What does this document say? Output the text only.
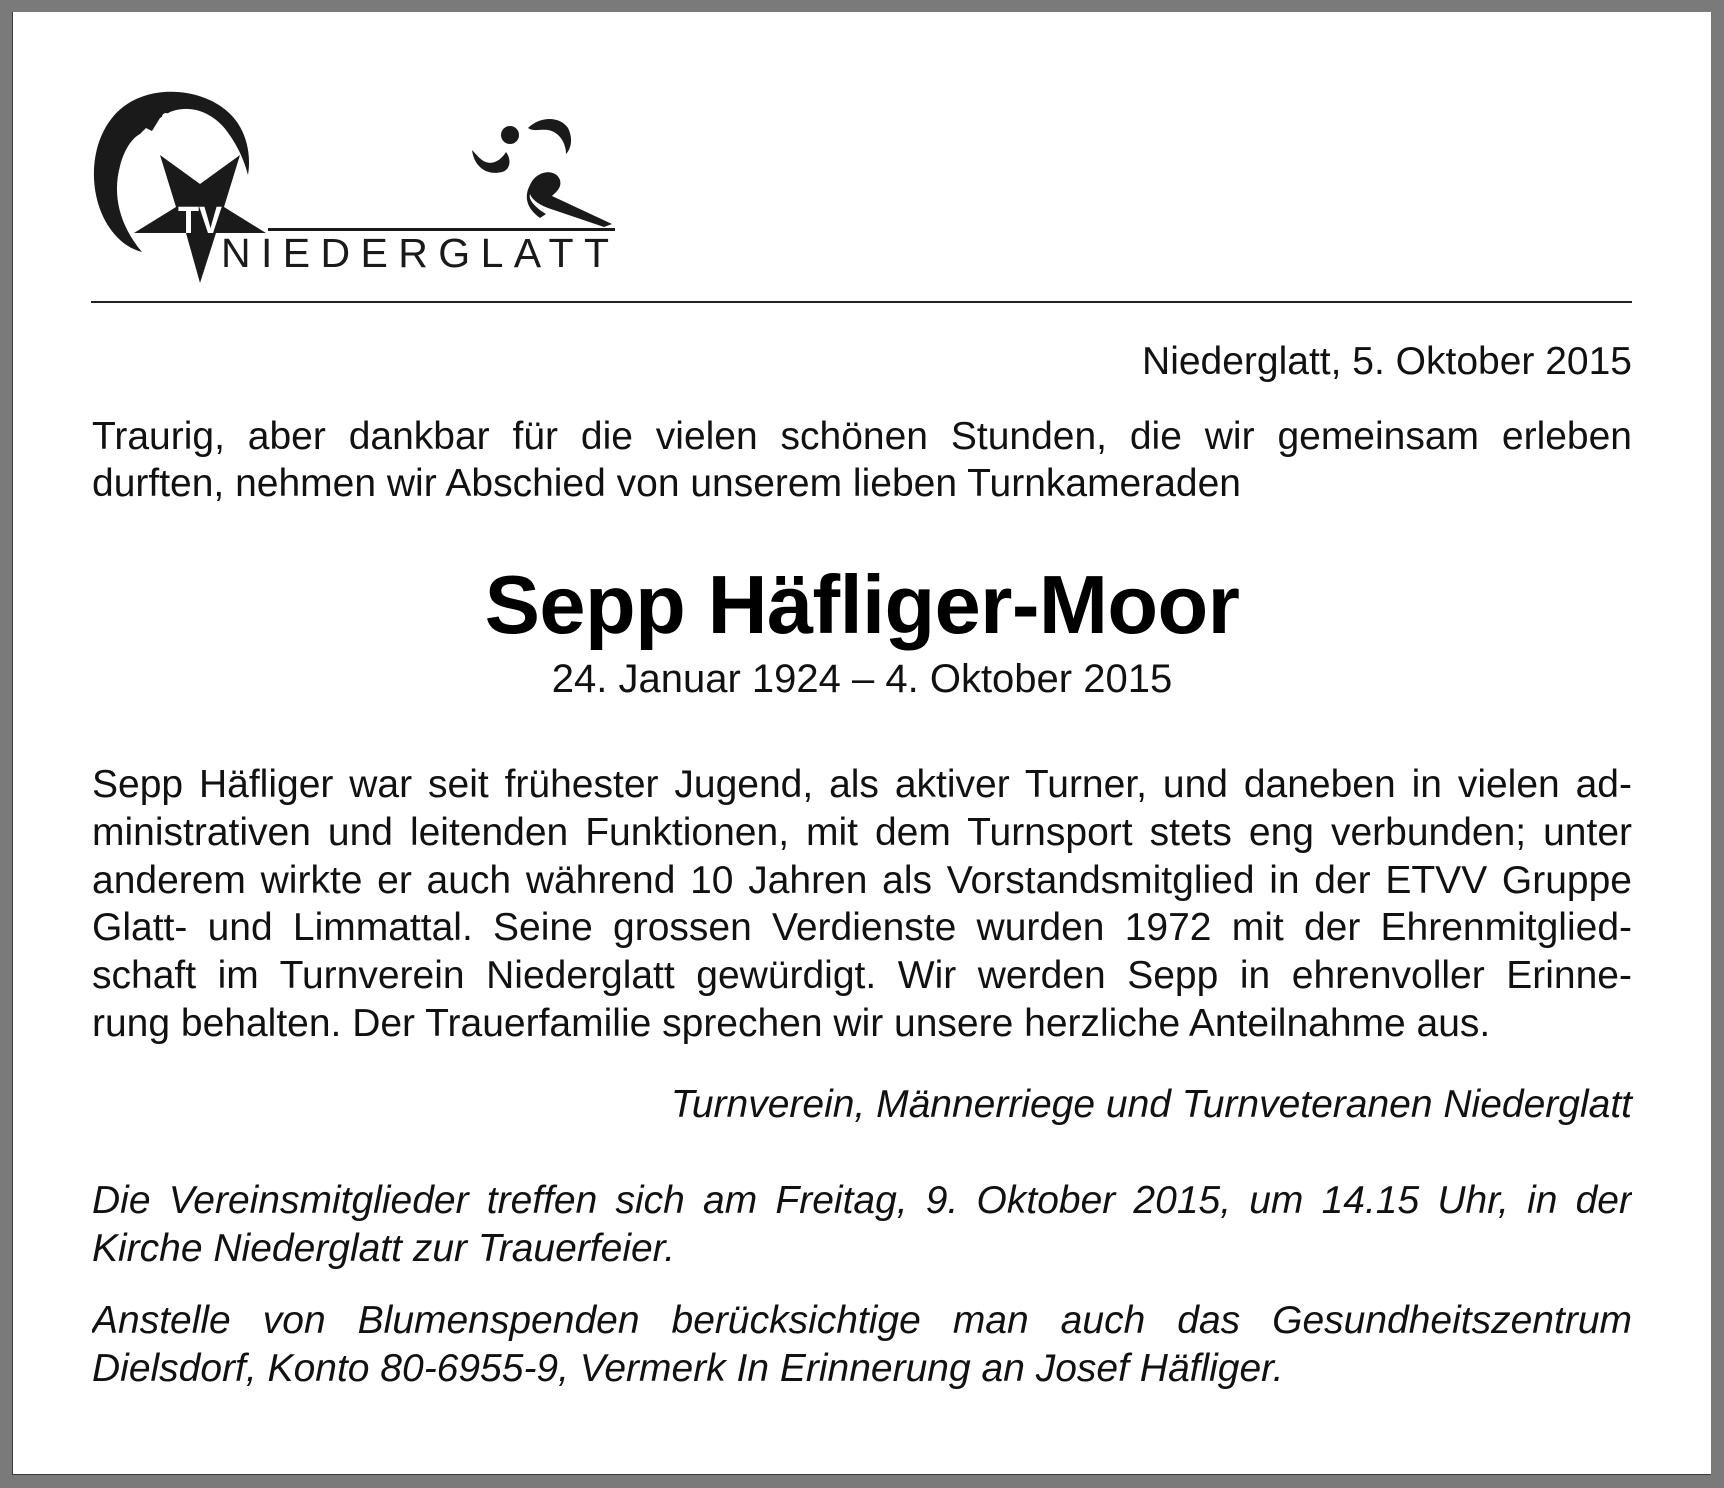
TV
NIEDERGLATT
Niederglatt, 5. Oktober 2015
Traurig, aber dankbar für die vielen schönen Stunden, die wir gemeinsam erleben
durften, nehmen wir Abschied von unserem lieben Turnkameraden
Sepp Häfliger-Moor
24. Januar 1924 – 4. Oktober 2015
Sepp Häfliger war seit frühester Jugend, als aktiver Turner, und daneben in vielen ad-
ministrativen und leitenden Funktionen, mit dem Turnsport stets eng verbunden; unter
anderem wirkte er auch während 10 Jahren als Vorstandsmitglied in der ETVV Gruppe
Glatt- und Limmattal. Seine grossen Verdienste wurden 1972 mit der Ehrenmitglied-
schaft im Turnverein Niederglatt gewürdigt. Wir werden Sepp in ehrenvoller Erinne-
rung behalten. Der Trauerfamilie sprechen wir unsere herzliche Anteilnahme aus.
Turnverein, Männerriege und Turnveteranen Niederglatt
Die Vereinsmitglieder treffen sich am Freitag, 9. Oktober 2015, um 14.15 Uhr, in der
Kirche Niederglatt zur Trauerfeier.
Anstelle von Blumenspenden berücksichtige man auch das Gesundheitszentrum
Dielsdorf, Konto 80-6955-9, Vermerk In Erinnerung an Josef Häfliger.
